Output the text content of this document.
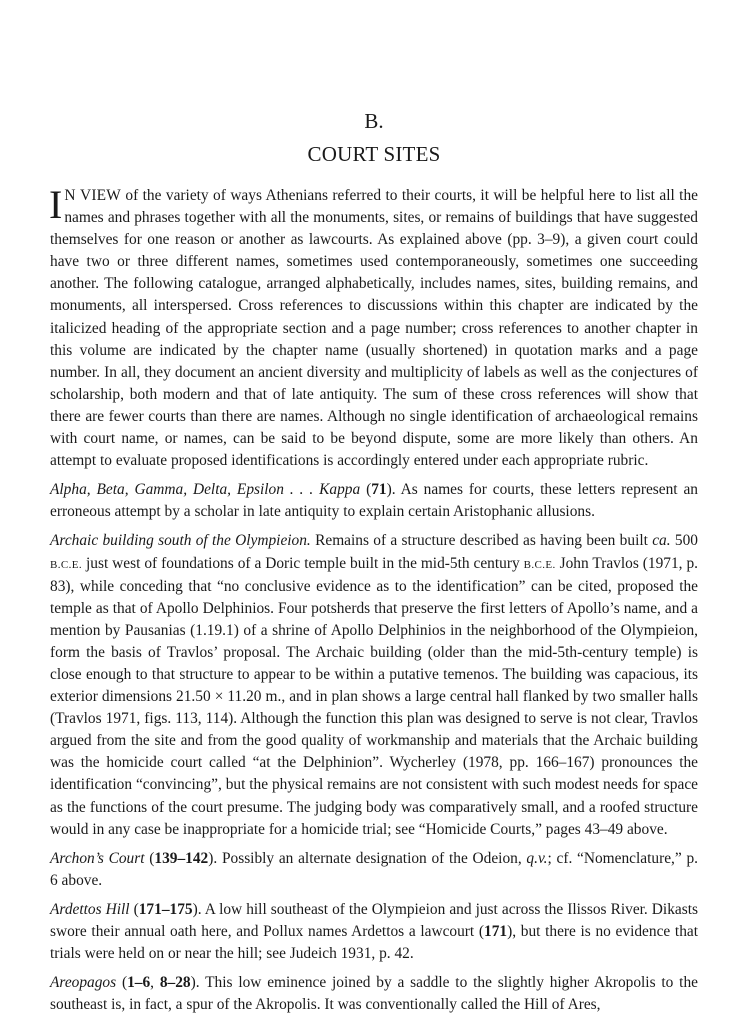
B.
COURT SITES

I N VIEW of the variety of ways Athenians referred to their courts, it will be helpful here to list all the names and phrases together with all the monuments, sites, or remains of buildings that have suggested themselves for one reason or another as lawcourts. As explained above (pp. 3–9), a given court could have two or three different names, sometimes used contemporaneously, sometimes one succeeding another. The following catalogue, arranged alphabetically, includes names, sites, building remains, and monuments, all interspersed. Cross references to discussions within this chapter are indicated by the italicized heading of the appropriate section and a page number; cross references to another chapter in this volume are indicated by the chapter name (usually shortened) in quotation marks and a page number. In all, they document an ancient diversity and multiplicity of labels as well as the conjectures of scholarship, both modern and that of late antiquity. The sum of these cross references will show that there are fewer courts than there are names. Although no single identification of archaeological remains with court name, or names, can be said to be beyond dispute, some are more likely than others. An attempt to evaluate proposed identifications is accordingly entered under each appropriate rubric.

Alpha, Beta, Gamma, Delta, Epsilon . . . Kappa (71). As names for courts, these letters represent an erroneous attempt by a scholar in late antiquity to explain certain Aristophanic allusions.

Archaic building south of the Olympieion. Remains of a structure described as having been built ca. 500 B.C.E. just west of foundations of a Doric temple built in the mid-5th century B.C.E. John Travlos (1971, p. 83), while conceding that “no conclusive evidence as to the identification” can be cited, proposed the temple as that of Apollo Delphinios. Four potsherds that preserve the first letters of Apollo’s name, and a mention by Pausanias (1.19.1) of a shrine of Apollo Delphinios in the neighborhood of the Olympieion, form the basis of Travlos’ proposal. The Archaic building (older than the mid-5th-century temple) is close enough to that structure to appear to be within a putative temenos. The building was capacious, its exterior dimensions 21.50 × 11.20 m., and in plan shows a large central hall flanked by two smaller halls (Travlos 1971, figs. 113, 114). Although the function this plan was designed to serve is not clear, Travlos argued from the site and from the good quality of workmanship and materials that the Archaic building was the homicide court called “at the Delphinion”. Wycherley (1978, pp. 166–167) pronounces the identification “convincing”, but the physical remains are not consistent with such modest needs for space as the functions of the court presume. The judging body was comparatively small, and a roofed structure would in any case be inappropriate for a homicide trial; see “Homicide Courts,” pages 43–49 above.

Archon’s Court (139–142). Possibly an alternate designation of the Odeion, q.v.; cf. “Nomenclature,” p. 6 above.

Ardettos Hill (171–175). A low hill southeast of the Olympieion and just across the Ilissos River. Dikasts swore their annual oath here, and Pollux names Ardettos a lawcourt (171), but there is no evidence that trials were held on or near the hill; see Judeich 1931, p. 42.

Areopagos (1–6, 8–28). This low eminence joined by a saddle to the slightly higher Akropolis to the southeast is, in fact, a spur of the Akropolis. It was conventionally called the Hill of Ares,
